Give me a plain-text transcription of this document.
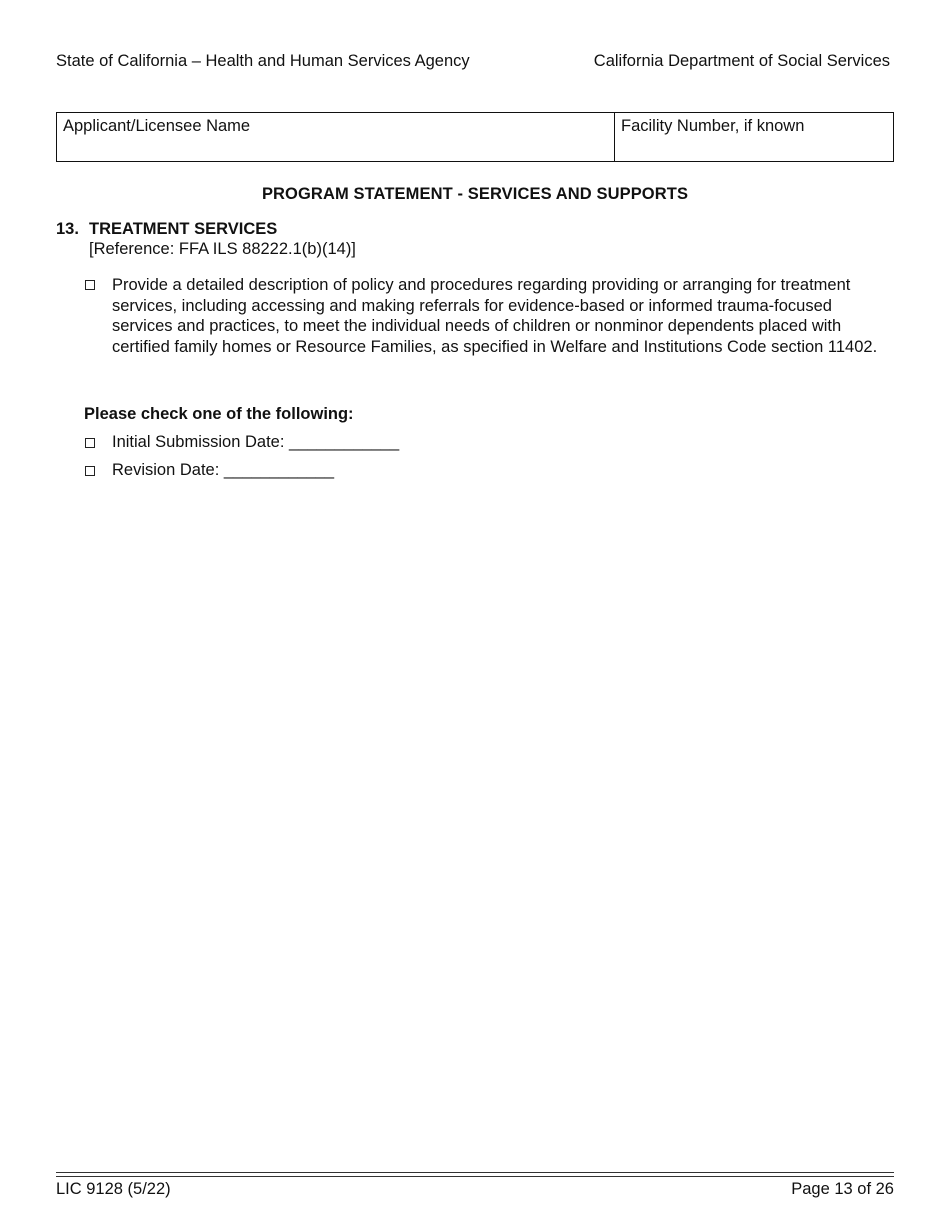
State of California – Health and Human Services Agency	California Department of Social Services
Applicant/Licensee Name	Facility Number, if known
PROGRAM STATEMENT - SERVICES AND SUPPORTS
13. TREATMENT SERVICES
[Reference: FFA ILS 88222.1(b)(14)]
Provide a detailed description of policy and procedures regarding providing or arranging for treatment services, including accessing and making referrals for evidence-based or informed trauma-focused services and practices, to meet the individual needs of children or nonminor dependents placed with certified family homes or Resource Families, as specified in Welfare and Institutions Code section 11402.
Please check one of the following:
Initial Submission Date: ____________
Revision Date: ____________
LIC 9128 (5/22)	Page 13 of 26
